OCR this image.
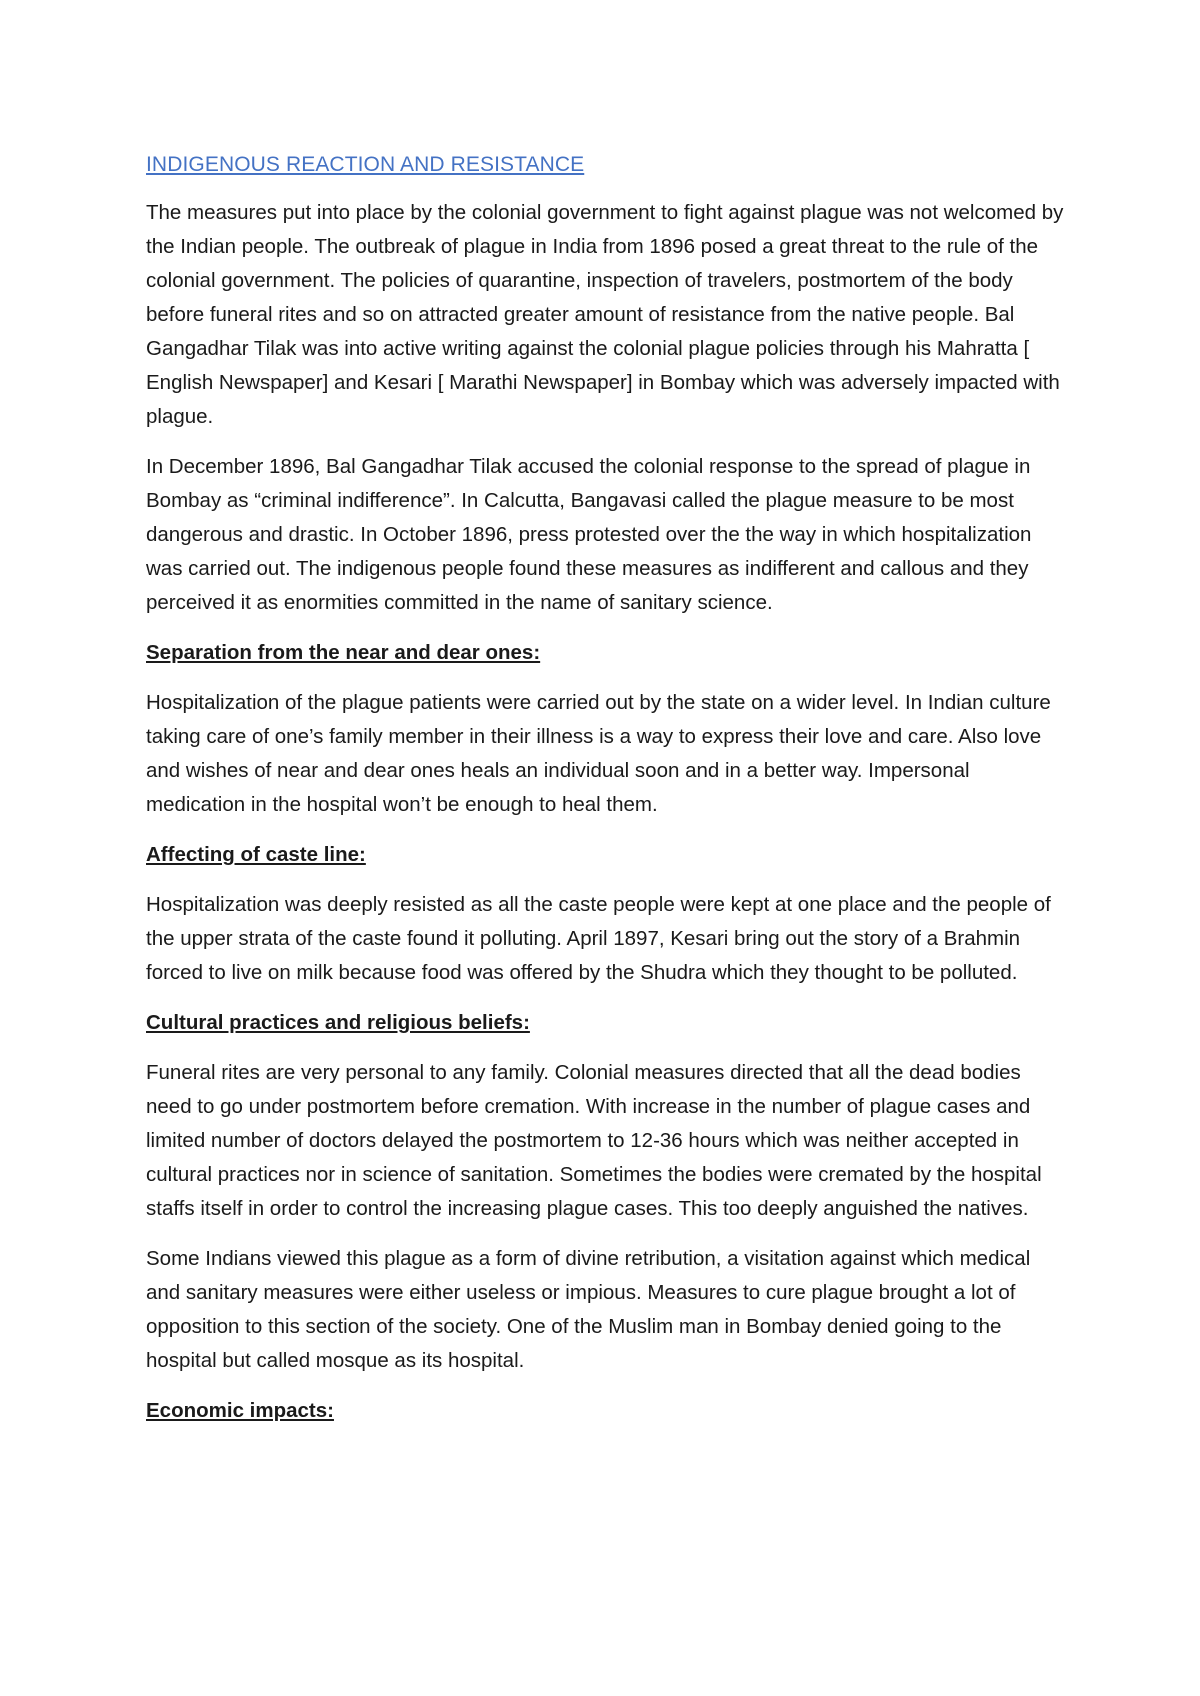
INDIGENOUS REACTION AND RESISTANCE

The measures put into place by the colonial government to fight against plague was not welcomed by the Indian people. The outbreak of plague in India from 1896 posed a great threat to the rule of the colonial government. The policies of quarantine, inspection of travelers, postmortem of the body before funeral rites and so on attracted greater amount of resistance from the native people. Bal Gangadhar Tilak was into active writing against the colonial plague policies through his Mahratta [ English Newspaper] and Kesari [ Marathi Newspaper] in Bombay which was adversely impacted with plague.

In December 1896, Bal Gangadhar Tilak accused the colonial response to the spread of plague in Bombay as “criminal indifference”. In Calcutta, Bangavasi called the plague measure to be most dangerous and drastic. In October 1896, press protested over the the way in which hospitalization was carried out. The indigenous people found these measures as indifferent and callous and they perceived it as enormities committed in the name of sanitary science.

Separation from the near and dear ones:

Hospitalization of the plague patients were carried out by the state on a wider level. In Indian culture taking care of one’s family member in their illness is a way to express their love and care. Also love and wishes of near and dear ones heals an individual soon and in a better way. Impersonal medication in the hospital won’t be enough to heal them.

Affecting of caste line:

Hospitalization was deeply resisted as all the caste people were kept at one place and the people of the upper strata of the caste found it polluting. April 1897, Kesari bring out the story of a Brahmin forced to live on milk because food was offered by the Shudra which they thought to be polluted.

Cultural practices and religious beliefs:

Funeral rites are very personal to any family. Colonial measures directed that all the dead bodies need to go under postmortem before cremation. With increase in the number of plague cases and limited number of doctors delayed the postmortem to 12-36 hours which was neither accepted in cultural practices nor in science of sanitation. Sometimes the bodies were cremated by the hospital staffs itself in order to control the increasing plague cases. This too deeply anguished the natives.

Some Indians viewed this plague as a form of divine retribution, a visitation against which medical and sanitary measures were either useless or impious. Measures to cure plague brought a lot of opposition to this section of the society. One of the Muslim man in Bombay denied going to the hospital but called mosque as its hospital.

Economic impacts:
